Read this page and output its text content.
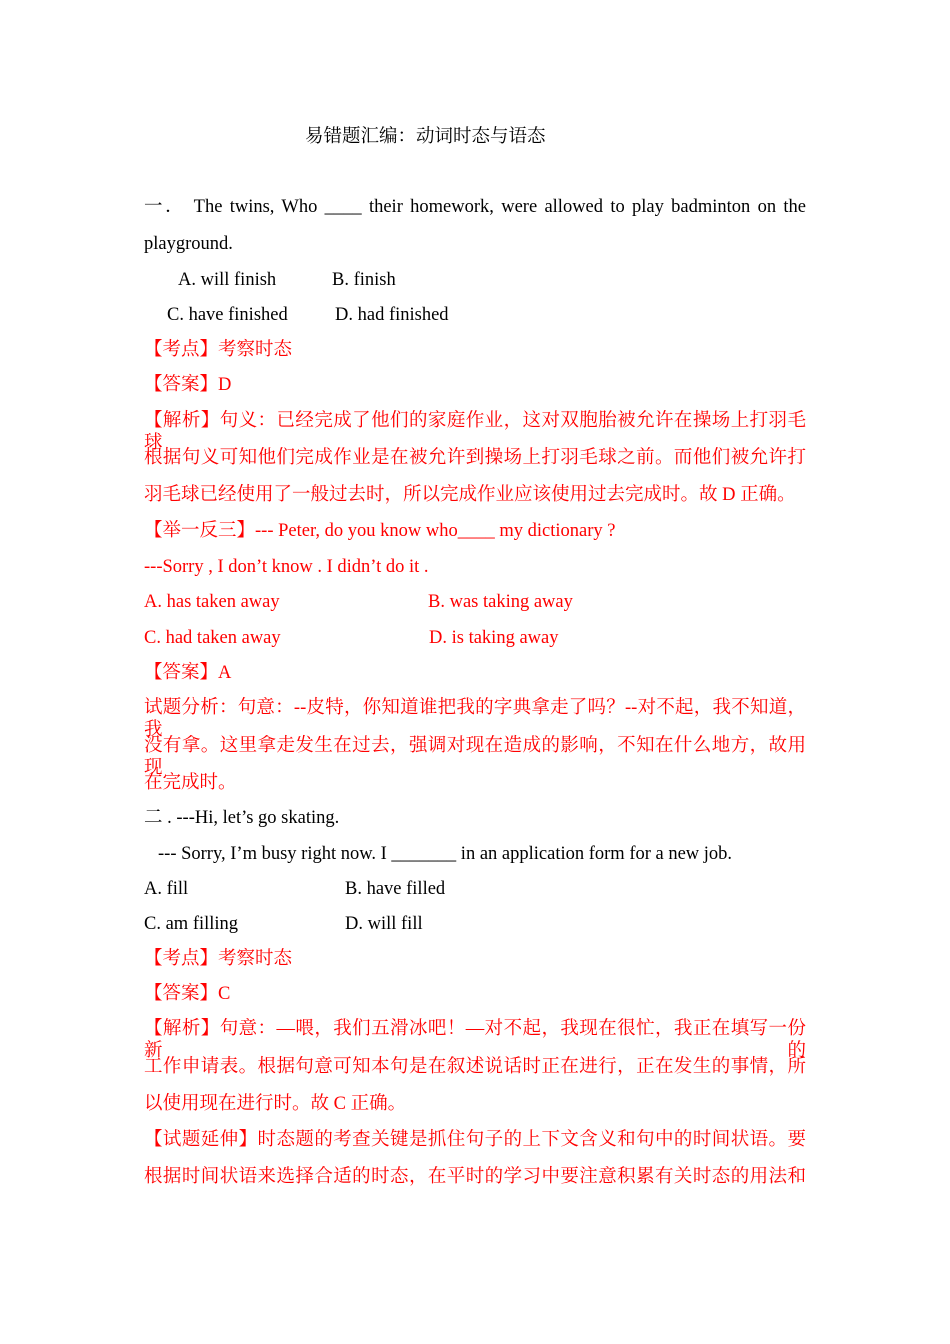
易错题汇编：动词时态与语态
一． The twins, Who ____ their homework, were allowed to play badminton on the
playground.
A. will finish	B. finish
C. have finished	D. had finished
【考点】考察时态
【答案】D
【解析】句义：已经完成了他们的家庭作业，这对双胞胎被允许在操场上打羽毛球
根据句义可知他们完成作业是在被允许到操场上打羽毛球之前。而他们被允许打
羽毛球已经使用了一般过去时，所以完成作业应该使用过去完成时。故 D 正确。
【举一反三】--- Peter, do you know who____ my dictionary ?
---Sorry , I don’t know . I didn’t do it .
A. has taken away	B. was taking away
C. had taken away	D. is taking away
【答案】A
试题分析：句意：--皮特，你知道谁把我的字典拿走了吗？--对不起，我不知道，我
没有拿。这里拿走发生在过去，强调对现在造成的影响，不知在什么地方，故用现
在完成时。
二 . ---Hi, let’s go skating.
--- Sorry, I’m busy right now. I _______ in an application form for a new job.
A. fill	B. have filled
C. am filling	D. will fill
【考点】考察时态
【答案】C
【解析】句意：—喂，我们五滑冰吧！—对不起，我现在很忙，我正在填写一份新的
工作申请表。根据句意可知本句是在叙述说话时正在进行，正在发生的事情，所
以使用现在进行时。故 C 正确。
【试题延伸】时态题的考查关键是抓住句子的上下文含义和句中的时间状语。要
根据时间状语来选择合适的时态，在平时的学习中要注意积累有关时态的用法和
